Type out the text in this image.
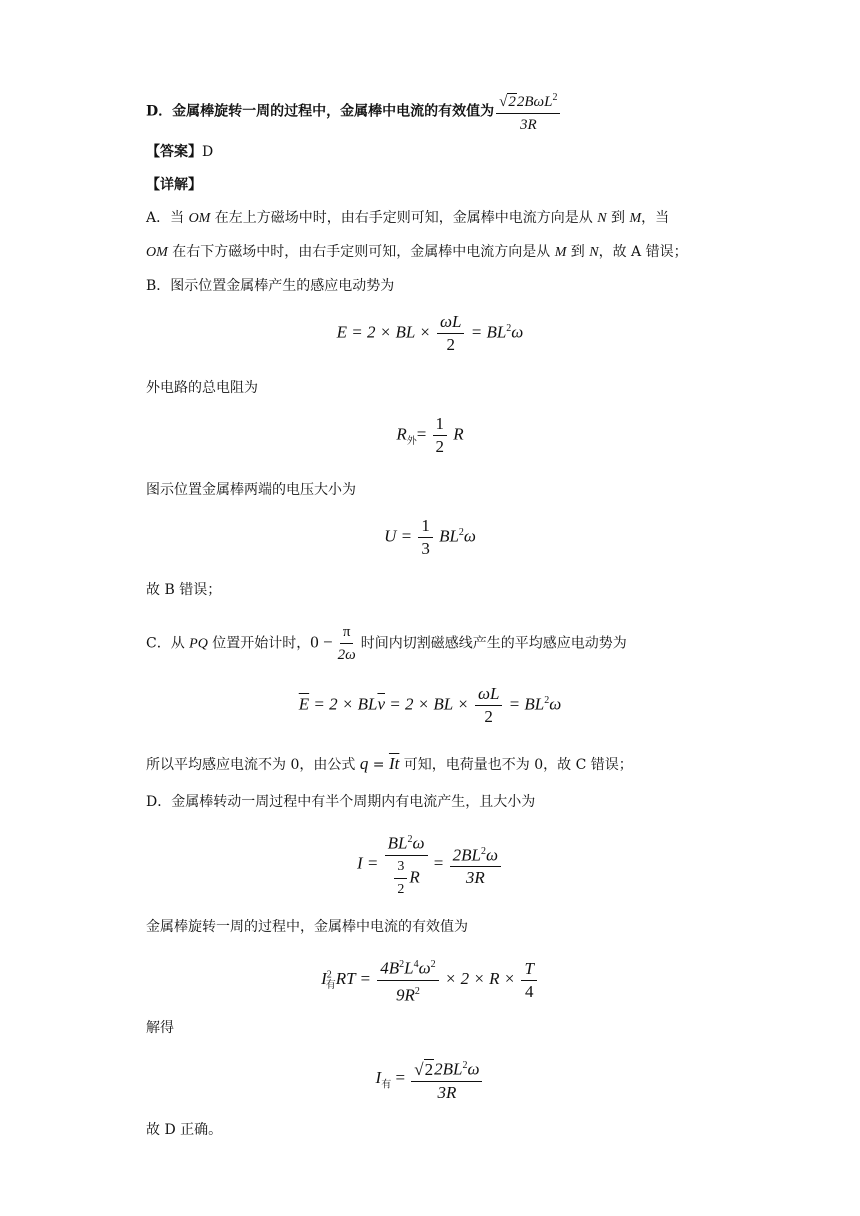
D．金属棒旋转一周的过程中，金属棒中电流的有效值为 $\frac{√22B\omega L^2}{3R}$
【答案】D
【详解】
A．当 OM 在左上方磁场中时，由右手定则可知，金属棒中电流方向是从 N 到 M，当
OM 在右下方磁场中时，由右手定则可知，金属棒中电流方向是从 M 到 N，故 A 错误；
B．图示位置金属棒产生的感应电动势为
E = 2 × BL × $\frac{\omega L}{2} = BL^2\omega$
外电路的总电阻为
$R_外= \frac{1}{2}$ R
图示位置金属棒两端的电压大小为
$U = \frac{1}{3} BL^2\omega$
故 B 错误；
C．从 PQ 位置开始计时，$0 - \frac{\pi}{2\omega}$ 时间内切割磁感线产生的平均感应电动势为
$\overline{E} = 2 \times BL\overline{v} = 2$ × BL × $\frac{\omega L}{2} = BL^2\omega$
所以平均感应电流不为 0，由公式 $q = \overline{It}$ 可知，电荷量也不为 0，故 C 错误；
D．金属棒转动一周过程中有半个周期内有电流产生，且大小为
$I = \frac{BL^2\omega}{\frac{3}{2} R} = \frac{2BL^2\omega}{3R}$
金属棒旋转一周的过程中，金属棒中电流的有效值为
$I^2_有RT = \frac{4B^2L^4\omega^2}{9R^2} \times 2 \times R \times \frac{T}{4}$
解得
$I_有 = \frac{√22BL^2\omega}{3R}$
故 D 正确。
